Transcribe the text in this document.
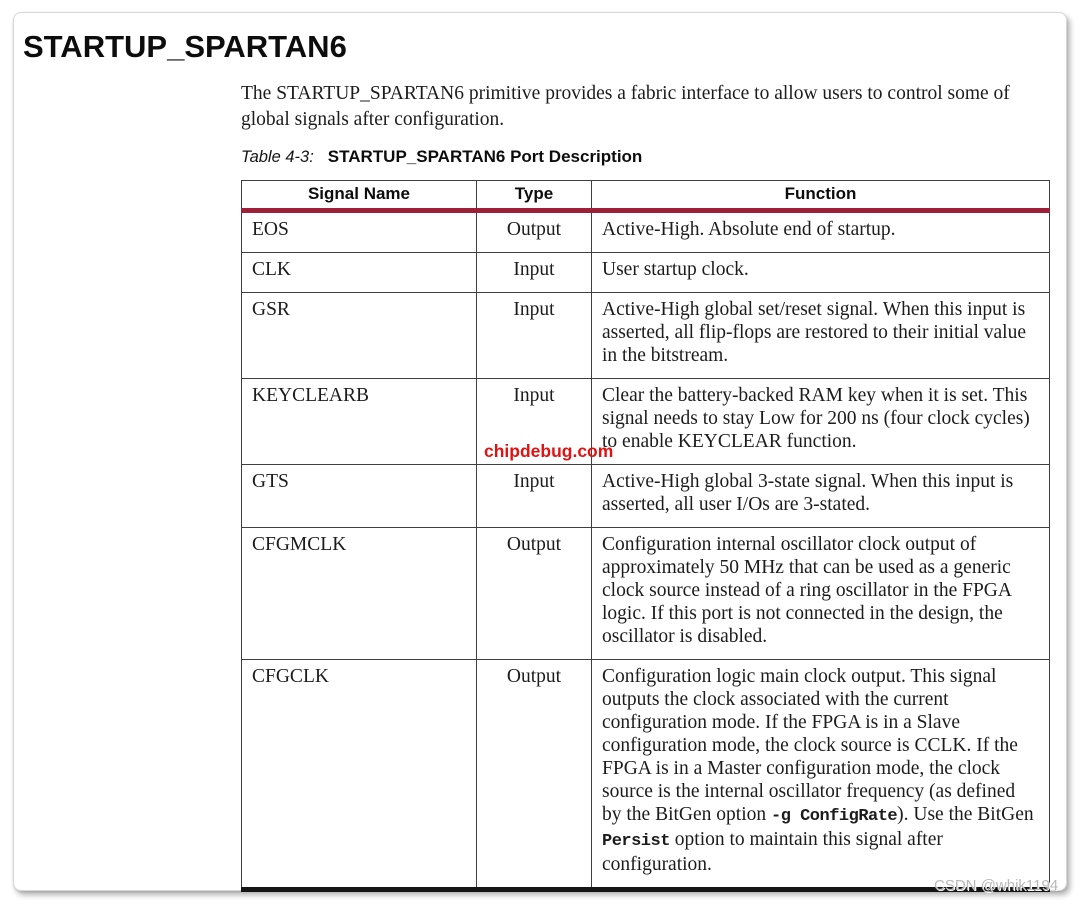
STARTUP_SPARTAN6

The STARTUP_SPARTAN6 primitive provides a fabric interface to allow users to control some of global signals after configuration.

Table 4-3: STARTUP_SPARTAN6 Port Description
Signal Name	Type	Function
EOS	Output	Active-High. Absolute end of startup.
CLK	Input	User startup clock.
GSR	Input	Active-High global set/reset signal. When this input is asserted, all flip-flops are restored to their initial value in the bitstream.
KEYCLEARB	Input	Clear the battery-backed RAM key when it is set. This signal needs to stay Low for 200 ns (four clock cycles) to enable KEYCLEAR function.
GTS	Input	Active-High global 3-state signal. When this input is asserted, all user I/Os are 3-stated.
CFGMCLK	Output	Configuration internal oscillator clock output of approximately 50 MHz that can be used as a generic clock source instead of a ring oscillator in the FPGA logic. If this port is not connected in the design, the oscillator is disabled.
CFGCLK	Output	Configuration logic main clock output. This signal outputs the clock associated with the current configuration mode. If the FPGA is in a Slave configuration mode, the clock source is CCLK. If the FPGA is in a Master configuration mode, the clock source is the internal oscillator frequency (as defined by the BitGen option -g ConfigRate). Use the BitGen Persist option to maintain this signal after configuration.
chipdebug.com
CSDN @whik1194
